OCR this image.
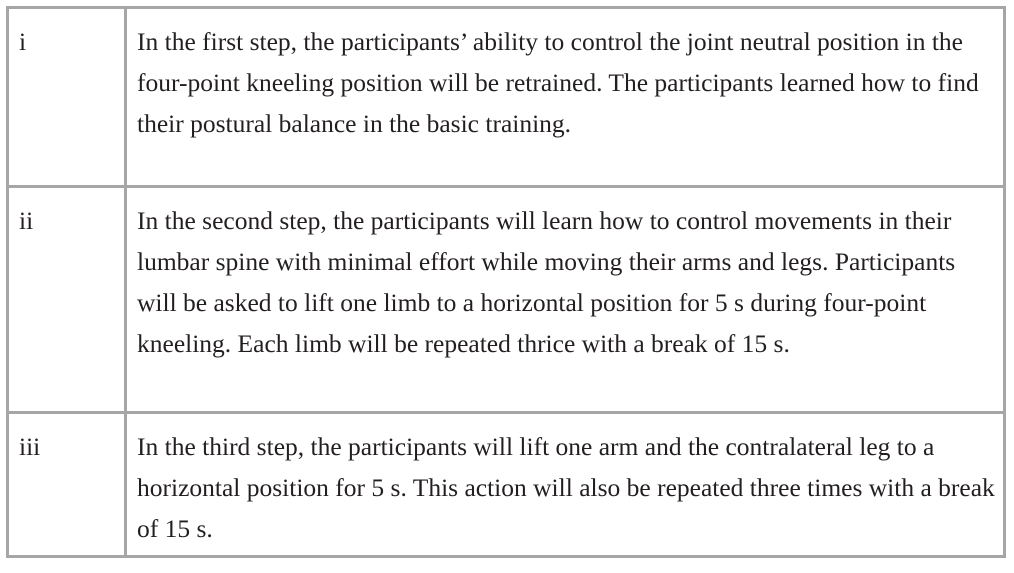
i	In the first step, the participants’ ability to control the joint neutral position in the four-point kneeling position will be retrained. The participants learned how to find their postural balance in the basic training.
ii	In the second step, the participants will learn how to control movements in their lumbar spine with minimal effort while moving their arms and legs. Participants will be asked to lift one limb to a horizontal position for 5 s during four-point kneeling. Each limb will be repeated thrice with a break of 15 s.
iii	In the third step, the participants will lift one arm and the contralateral leg to a horizontal position for 5 s. This action will also be repeated three times with a break of 15 s.
